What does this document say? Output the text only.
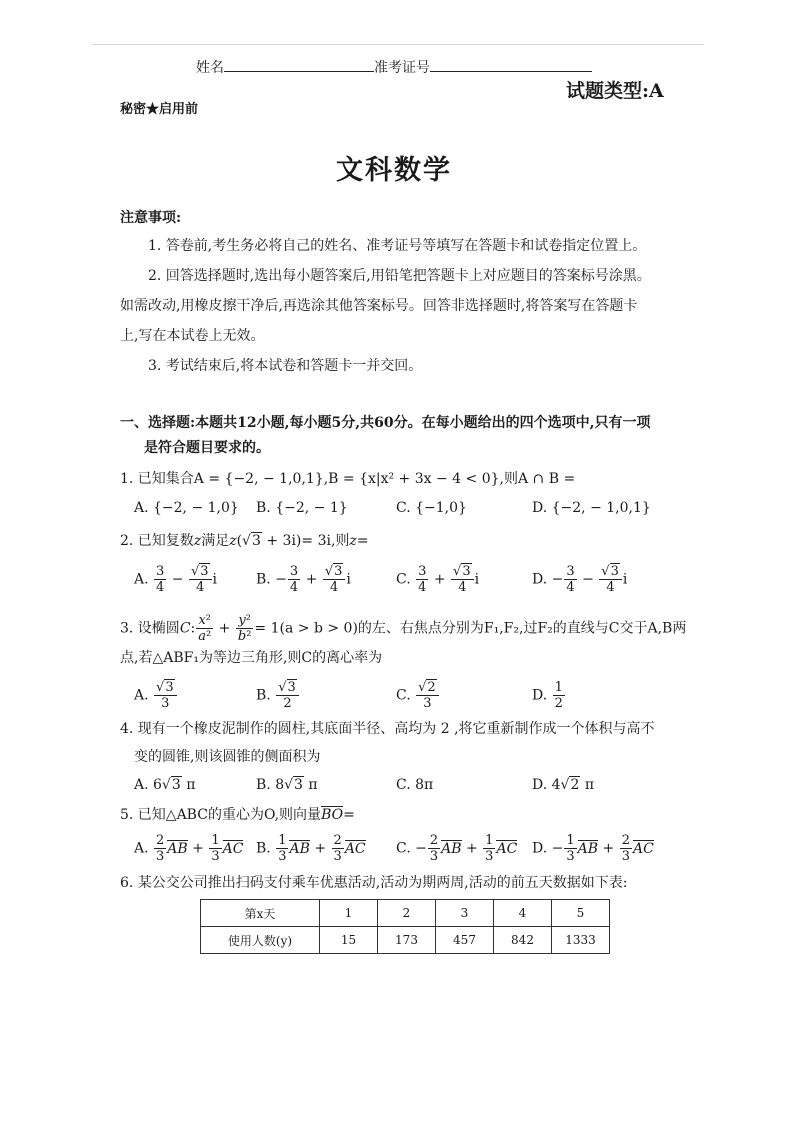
姓名	准考证号
试题类型:A
秘密★启用前
文科数学
注意事项:
1. 答卷前,考生务必将自己的姓名、准考证号等填写在答题卡和试卷指定位置上。
2. 回答选择题时,选出每小题答案后,用铅笔把答题卡上对应题目的答案标号涂黑。
如需改动,用橡皮擦干净后,再选涂其他答案标号。回答非选择题时,将答案写在答题卡
上,写在本试卷上无效。
3. 考试结束后,将本试卷和答题卡一并交回。
一、选择题:本题共12小题,每小题5分,共60分。在每小题给出的四个选项中,只有一项
是符合题目要求的。
1. 已知集合A = {−2, − 1,0,1},B = {x|x² + 3x − 4 < 0},则A ∩ B =
A. {−2, − 1,0} B. {−2, − 1}	C. {−1,0}	D. {−2, − 1,0,1}
2. 已知复数z满足z(√3 + 3i)= 3i,则z=
A. $\frac{3}{4} - \frac{√3}{4}$ i	B. − $\frac{3}{4} + \frac{√3}{4}$ i	C. $\frac{3}{4} + \frac{√3}{4}$ i	D. − $\frac{3}{4} - \frac{√3}{4}$ i
3. 设椭圆C: $\frac{\text{x²}}{\text{a²}} + \frac{\text{y²}}{\text{b²}} = 1(a > b > 0)$的左、右焦点分别为F₁,F₂,过F₂的直线与C交于A,B两
点,若△ABF₁为等边三角形,则C的离心率为
A. $\frac{√3}{3}$	B. $\frac{√3}{2}$	C. $\frac{√2}{3}$	D. $\frac{1}{2}$
4. 现有一个橡皮泥制作的圆柱,其底面半径、高均为 2 ,将它重新制作成一个体积与高不
变的圆锥,则该圆锥的侧面积为
A. 6√3 π	B. 8√3 π	C. 8π	D. 4√2 π
5. 已知△ABC的重心为O,则向量BO=
A. $\frac{2}{3}$ AB + $\frac{1}{3}$ AC B. $\frac{1}{3}$ AB + $\frac{2}{3}$ AC C. − $\frac{2}{3}$ AB + $\frac{1}{3}$ AC D. − $\frac{1}{3}$ AB + $\frac{2}{3}$ AC
6. 某公交公司推出扫码支付乘车优惠活动,活动为期两周,活动的前五天数据如下表:
第x天	1	2	3	4	5
使用人数(y)	15	173	457	842	1333
